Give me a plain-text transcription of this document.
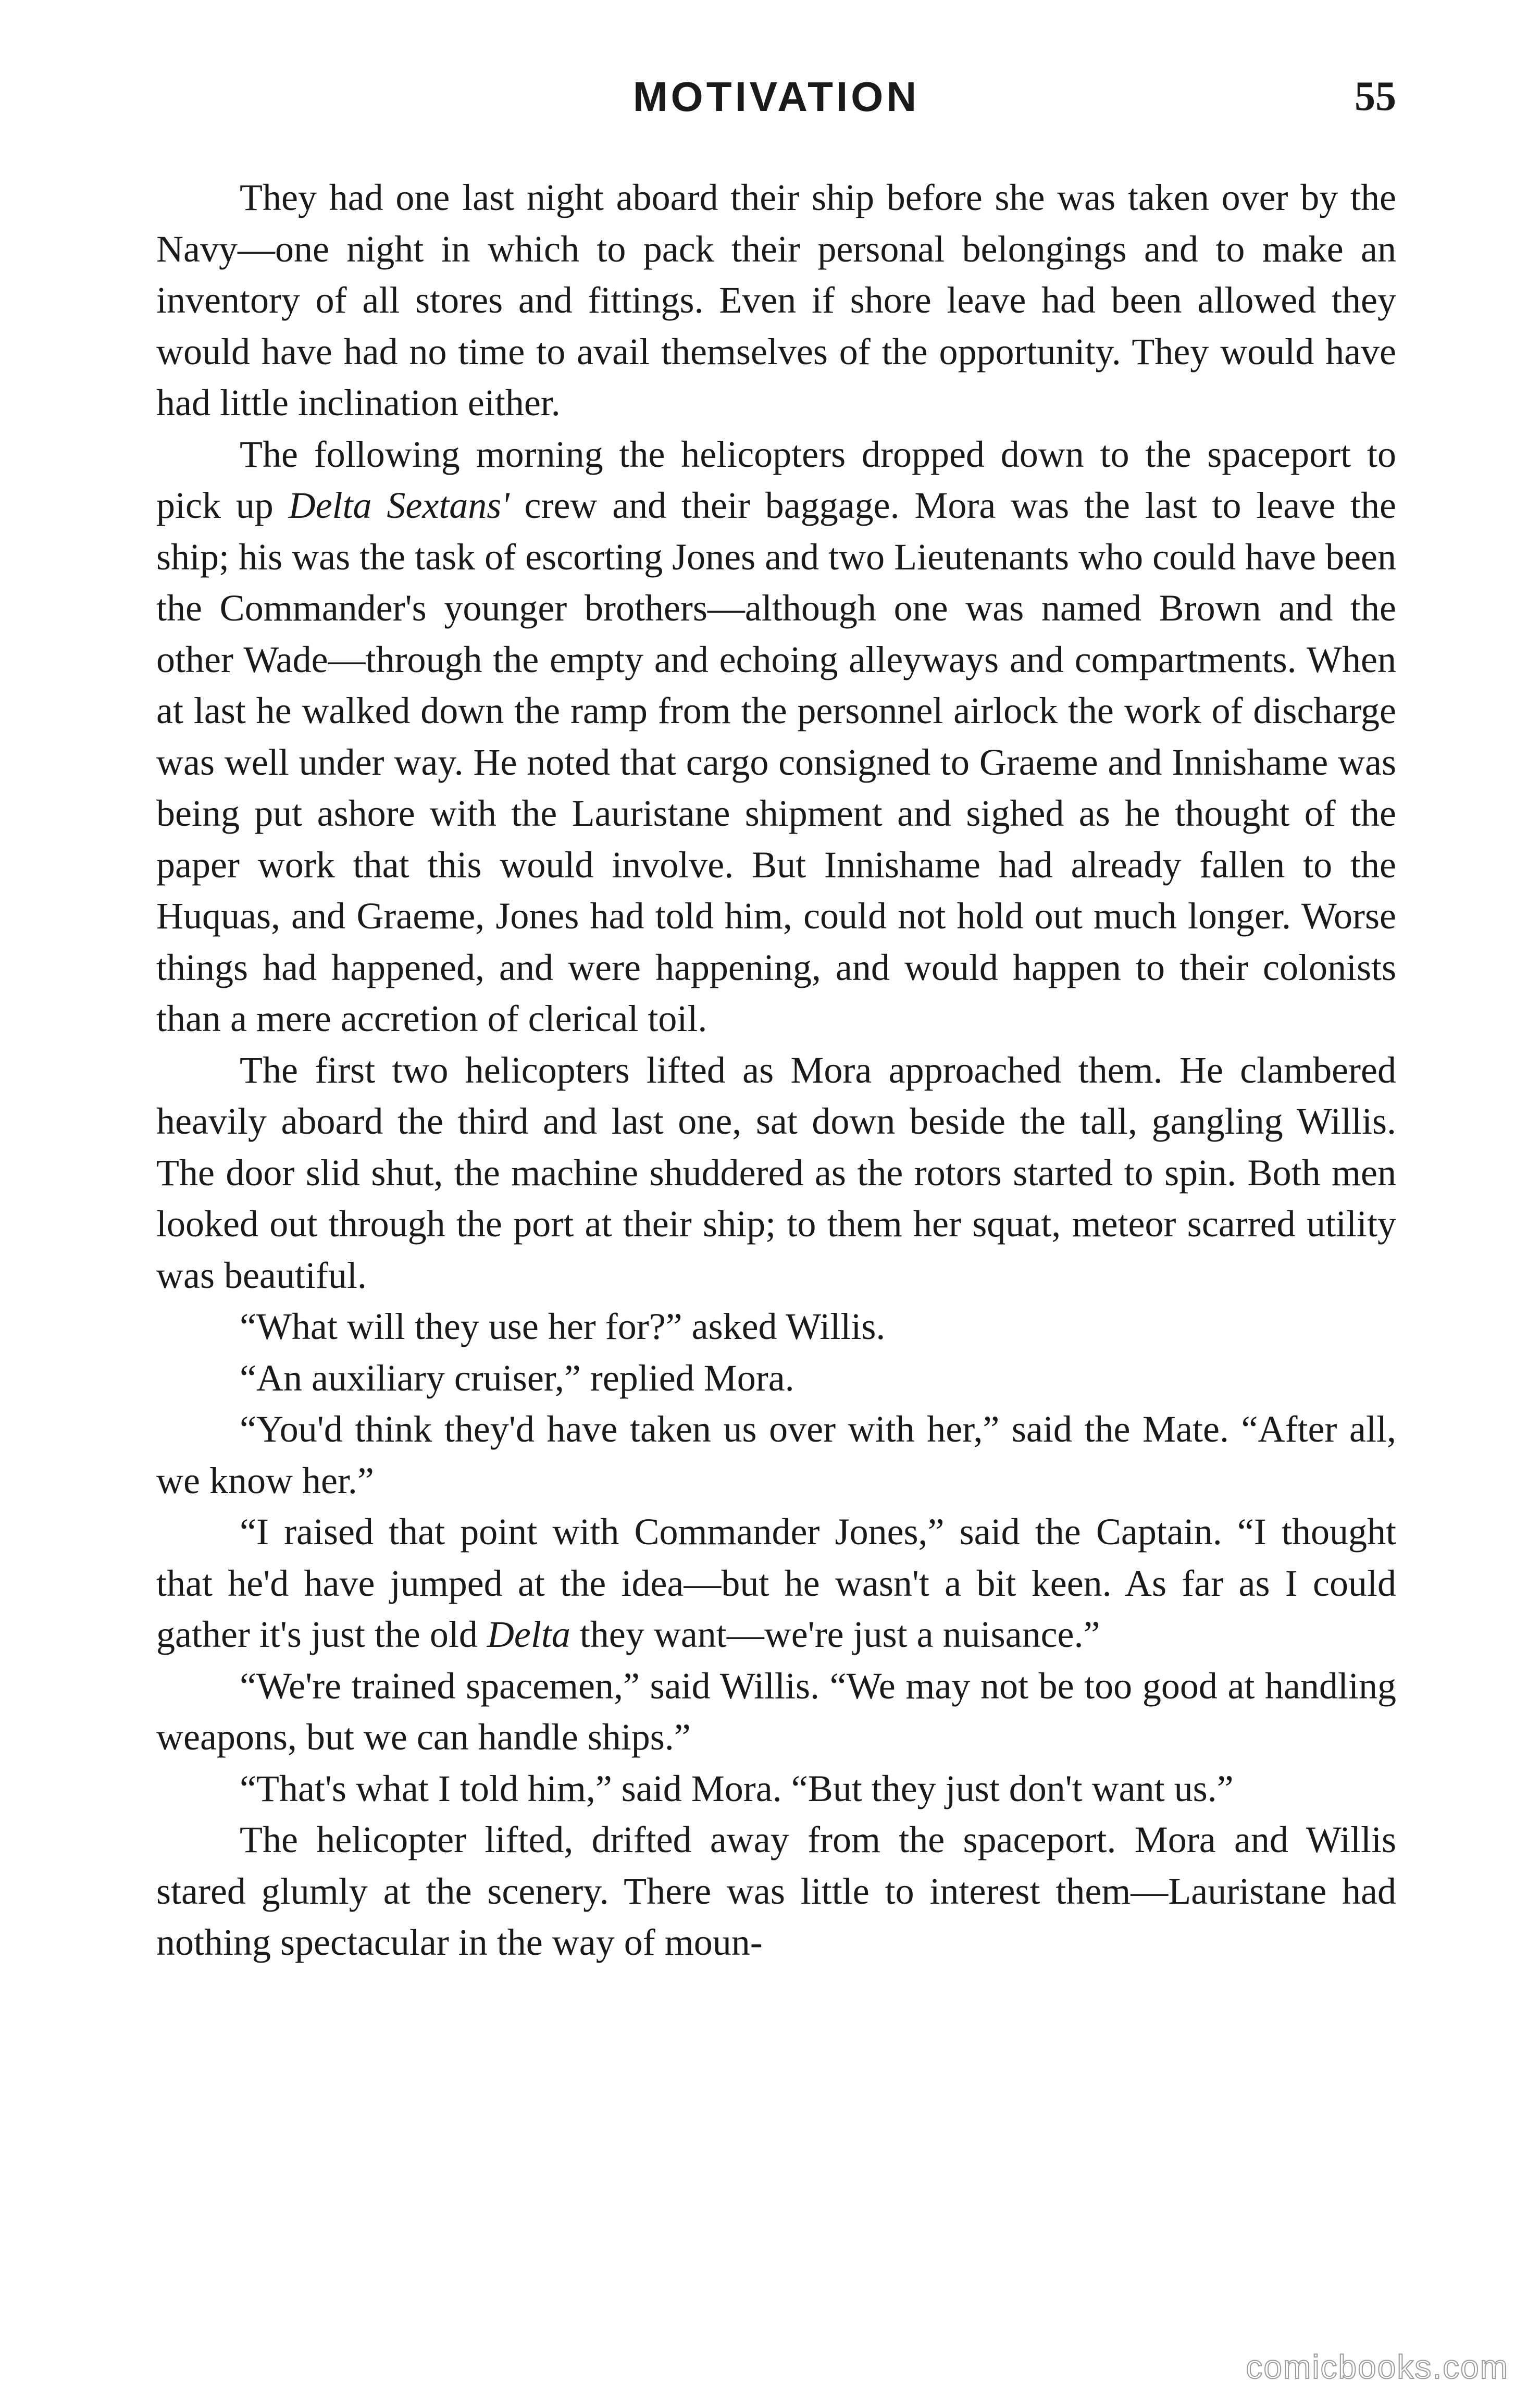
MOTIVATION	55

They had one last night aboard their ship before she was taken over by the Navy—one night in which to pack their personal belongings and to make an inventory of all stores and fittings. Even if shore leave had been allowed they would have had no time to avail themselves of the opportunity. They would have had little inclination either.

The following morning the helicopters dropped down to the spaceport to pick up Delta Sextans' crew and their baggage. Mora was the last to leave the ship; his was the task of escorting Jones and two Lieutenants who could have been the Commander's younger brothers—although one was named Brown and the other Wade—through the empty and echoing alleyways and compartments. When at last he walked down the ramp from the personnel airlock the work of discharge was well under way. He noted that cargo consigned to Graeme and Innishame was being put ashore with the Lauristane shipment and sighed as he thought of the paper work that this would involve. But Innishame had already fallen to the Huquas, and Graeme, Jones had told him, could not hold out much longer. Worse things had happened, and were happening, and would happen to their colonists than a mere accretion of clerical toil.

The first two helicopters lifted as Mora approached them. He clambered heavily aboard the third and last one, sat down beside the tall, gangling Willis. The door slid shut, the machine shuddered as the rotors started to spin. Both men looked out through the port at their ship; to them her squat, meteor scarred utility was beautiful.

“What will they use her for?” asked Willis.

“An auxiliary cruiser,” replied Mora.

“You'd think they'd have taken us over with her,” said the Mate. “After all, we know her.”

“I raised that point with Commander Jones,” said the Captain. “I thought that he'd have jumped at the idea—but he wasn't a bit keen. As far as I could gather it's just the old Delta they want—we're just a nuisance.”

“We're trained spacemen,” said Willis. “We may not be too good at handling weapons, but we can handle ships.”

“That's what I told him,” said Mora. “But they just don't want us.”

The helicopter lifted, drifted away from the spaceport. Mora and Willis stared glumly at the scenery. There was little to interest them—Lauristane had nothing spectacular in the way of moun-

comicbooks.com
